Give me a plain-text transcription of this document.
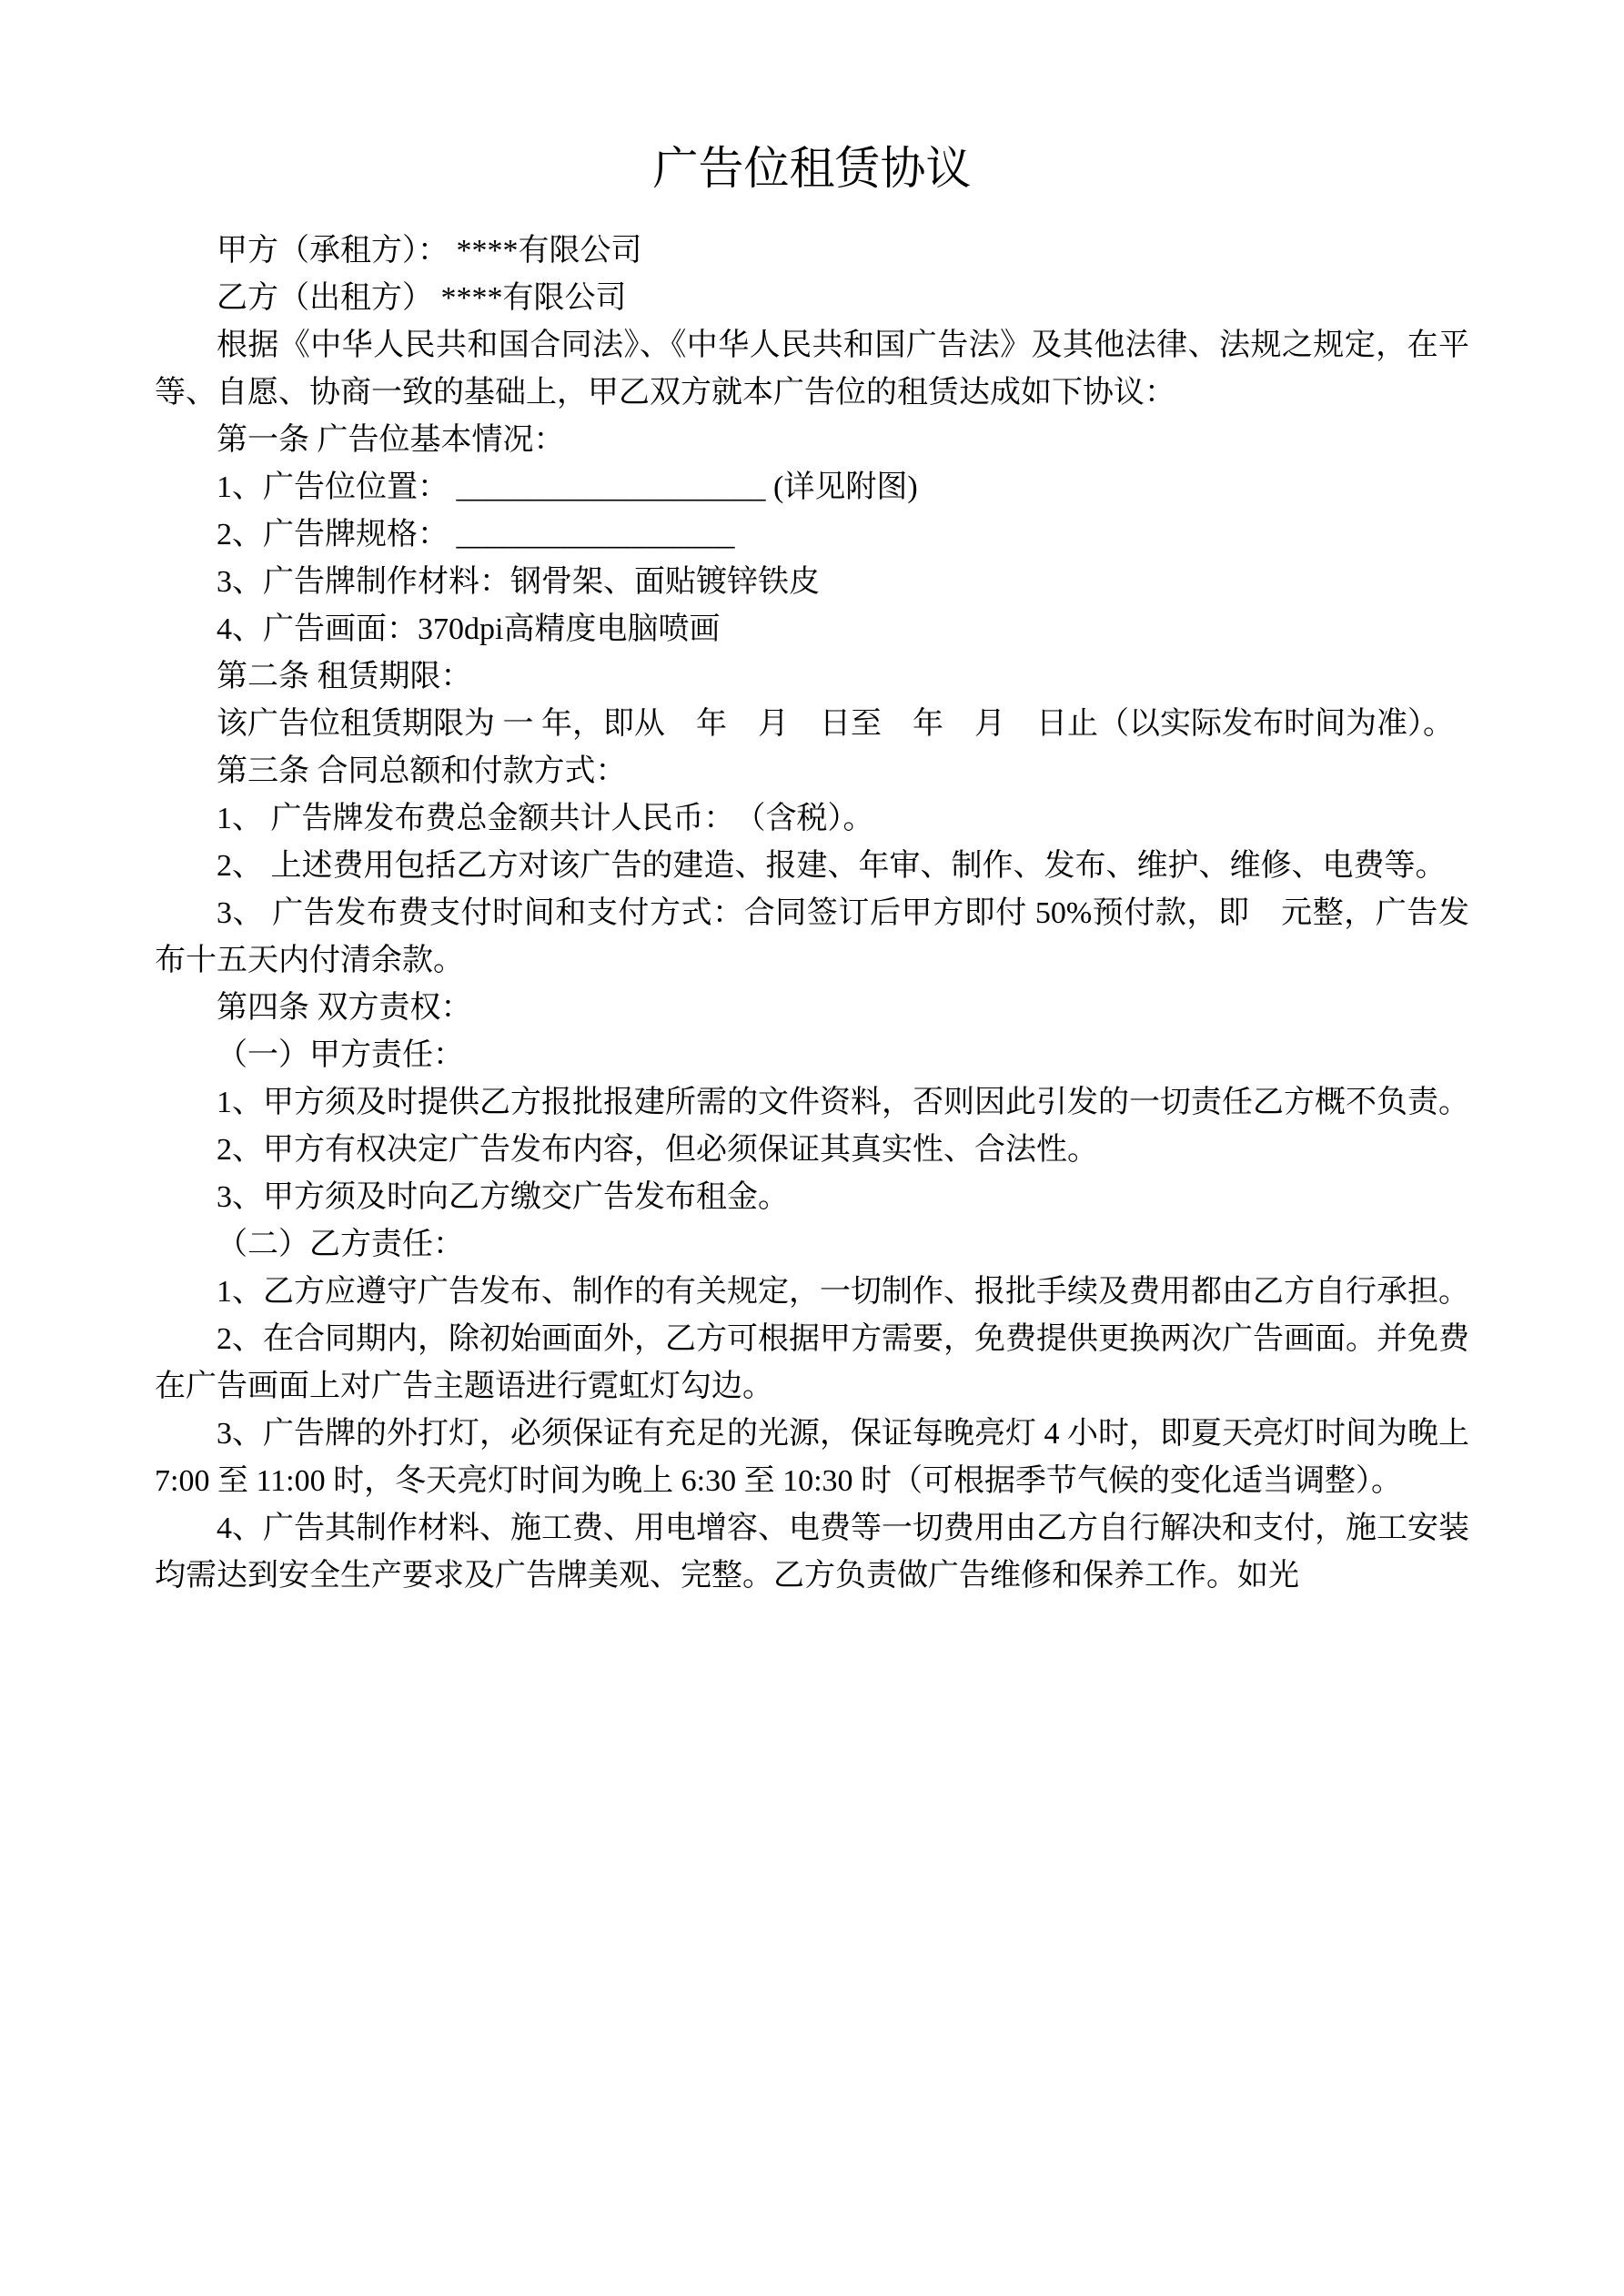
广告位租赁协议

甲方（承租方）： ****有限公司

乙方（出租方） ****有限公司

根据《中华人民共和国合同法》、《中华人民共和国广告法》及其他法律、法规之规定，在平等、自愿、协商一致的基础上，甲乙双方就本广告位的租赁达成如下协议：

第一条 广告位基本情况：

1、广告位位置： ____________________ (详见附图)

2、广告牌规格： __________________

3、广告牌制作材料：钢骨架、面贴镀锌铁皮

4、广告画面：370dpi高精度电脑喷画

第二条 租赁期限：

该广告位租赁期限为 一 年，即从　年　月　日至　年　月　日止（以实际发布时间为准）。

第三条 合同总额和付款方式：

1、 广告牌发布费总金额共计人民币：　（含税）。

2、 上述费用包括乙方对该广告的建造、报建、年审、制作、发布、维护、维修、电费等。

3、 广告发布费支付时间和支付方式：合同签订后甲方即付 50%预付款，即　元整，广告发布十五天内付清余款。

第四条 双方责权：

（一）甲方责任：

1、甲方须及时提供乙方报批报建所需的文件资料，否则因此引发的一切责任乙方概不负责。

2、甲方有权决定广告发布内容，但必须保证其真实性、合法性。

3、甲方须及时向乙方缴交广告发布租金。

（二）乙方责任：

1、乙方应遵守广告发布、制作的有关规定，一切制作、报批手续及费用都由乙方自行承担。

2、在合同期内，除初始画面外，乙方可根据甲方需要，免费提供更换两次广告画面。并免费在广告画面上对广告主题语进行霓虹灯勾边。

3、广告牌的外打灯，必须保证有充足的光源，保证每晚亮灯 4 小时，即夏天亮灯时间为晚上 7:00 至 11:00 时，冬天亮灯时间为晚上 6:30 至 10:30 时（可根据季节气候的变化适当调整）。

4、广告其制作材料、施工费、用电增容、电费等一切费用由乙方自行解决和支付，施工安装均需达到安全生产要求及广告牌美观、完整。乙方负责做广告维修和保养工作。如光
